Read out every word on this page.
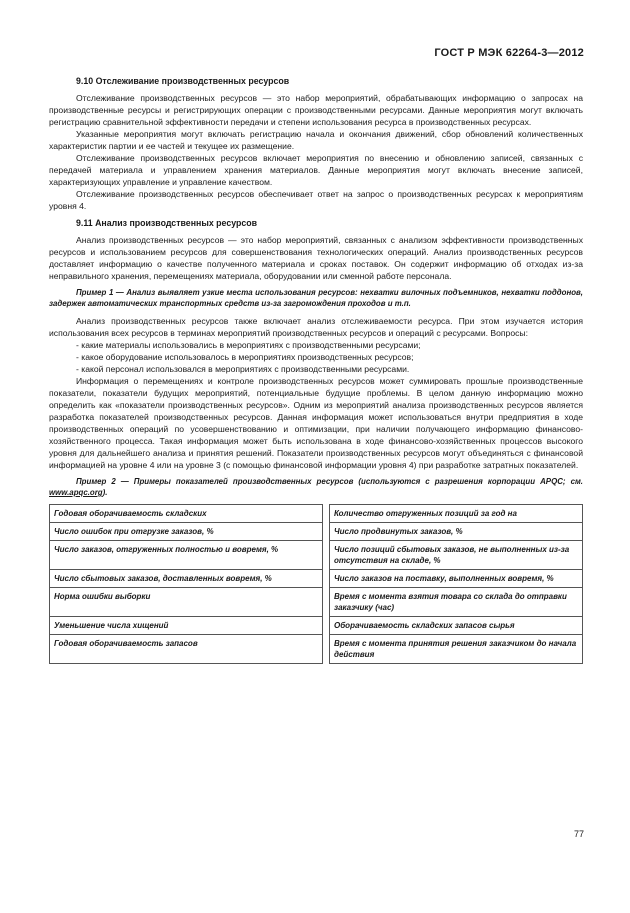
ГОСТ Р МЭК 62264-3—2012
9.10 Отслеживание производственных ресурсов

Отслеживание производственных ресурсов — это набор мероприятий, обрабатывающих информацию о запросах на производственные ресурсы и регистрирующих операции с производственными ресурсами. Данные мероприятия могут включать регистрацию сравнительной эффективности передачи и степени использования ресурса в производственных ресурсах.

Указанные мероприятия могут включать регистрацию начала и окончания движений, сбор обновлений количественных характеристик партии и ее частей и текущее их размещение.

Отслеживание производственных ресурсов включает мероприятия по внесению и обновлению записей, связанных с передачей материала и управлением хранения материалов. Данные мероприятия могут включать внесение записей, характеризующих управление и управление качеством.

Отслеживание производственных ресурсов обеспечивает ответ на запрос о производственных ресурсах к мероприятиям уровня 4.

9.11 Анализ производственных ресурсов

Анализ производственных ресурсов — это набор мероприятий, связанных с анализом эффективности производственных ресурсов и использованием ресурсов для совершенствования технологических операций. Анализ производственных ресурсов доставляет информацию о качестве полученного материала и сроках поставок. Он содержит информацию об отходах из-за неправильного хранения, перемещениях материала, оборудовании или сменной работе персонала.

Пример 1 — Анализ выявляет узкие места использования ресурсов: нехватки вилочных подъемников, нехватки поддонов, задержек автоматических транспортных средств из-за загромождения проходов и т.п.

Анализ производственных ресурсов также включает анализ отслеживаемости ресурса. При этом изучается история использования всех ресурсов в терминах мероприятий производственных ресурсов и операций с ресурсами. Вопросы:

- какие материалы использовались в мероприятиях с производственными ресурсами;
- какое оборудование использовалось в мероприятиях производственных ресурсов;
- какой персонал использовался в мероприятиях с производственными ресурсами.

Информация о перемещениях и контроле производственных ресурсов может суммировать прошлые производственные показатели, показатели будущих мероприятий, потенциальные будущие проблемы. В целом данную информацию можно определить как «показатели производственных ресурсов». Одним из мероприятий анализа производственных ресурсов является разработка показателей производственных ресурсов. Данная информация может использоваться внутри предприятия в ходе производственных операций по усовершенствованию и оптимизации, при наличии получающего информацию финансово-хозяйственного процесса. Такая информация может быть использована в ходе финансово-хозяйственных процессов высокого уровня для дальнейшего анализа и принятия решений. Показатели производственных ресурсов могут объединяться с финансовой информацией на уровне 4 или на уровне 3 (с помощью финансовой информации уровня 4) при разработке затратных показателей.

Пример 2 — Примеры показателей производственных ресурсов (используются с разрешения корпорации APQC; см. www.apqc.org).

Годовая оборачиваемость складских		Количество отгруженных позиций за год на
Число ошибок при отгрузке заказов, %		Число продвинутых заказов, %
Число заказов, отгруженных полностью и вовремя, %		Число позиций сбытовых заказов, не выполненных из-за отсутствия на складе, %
Число сбытовых заказов, доставленных вовремя, %		Число заказов на поставку, выполненных вовремя, %
Норма ошибки выборки		Время с момента взятия товара со склада до отправки заказчику (час)
Уменьшение числа хищений		Оборачиваемость складских запасов сырья
Годовая оборачиваемость запасов		Время с момента принятия решения заказчиком до начала действия
77
